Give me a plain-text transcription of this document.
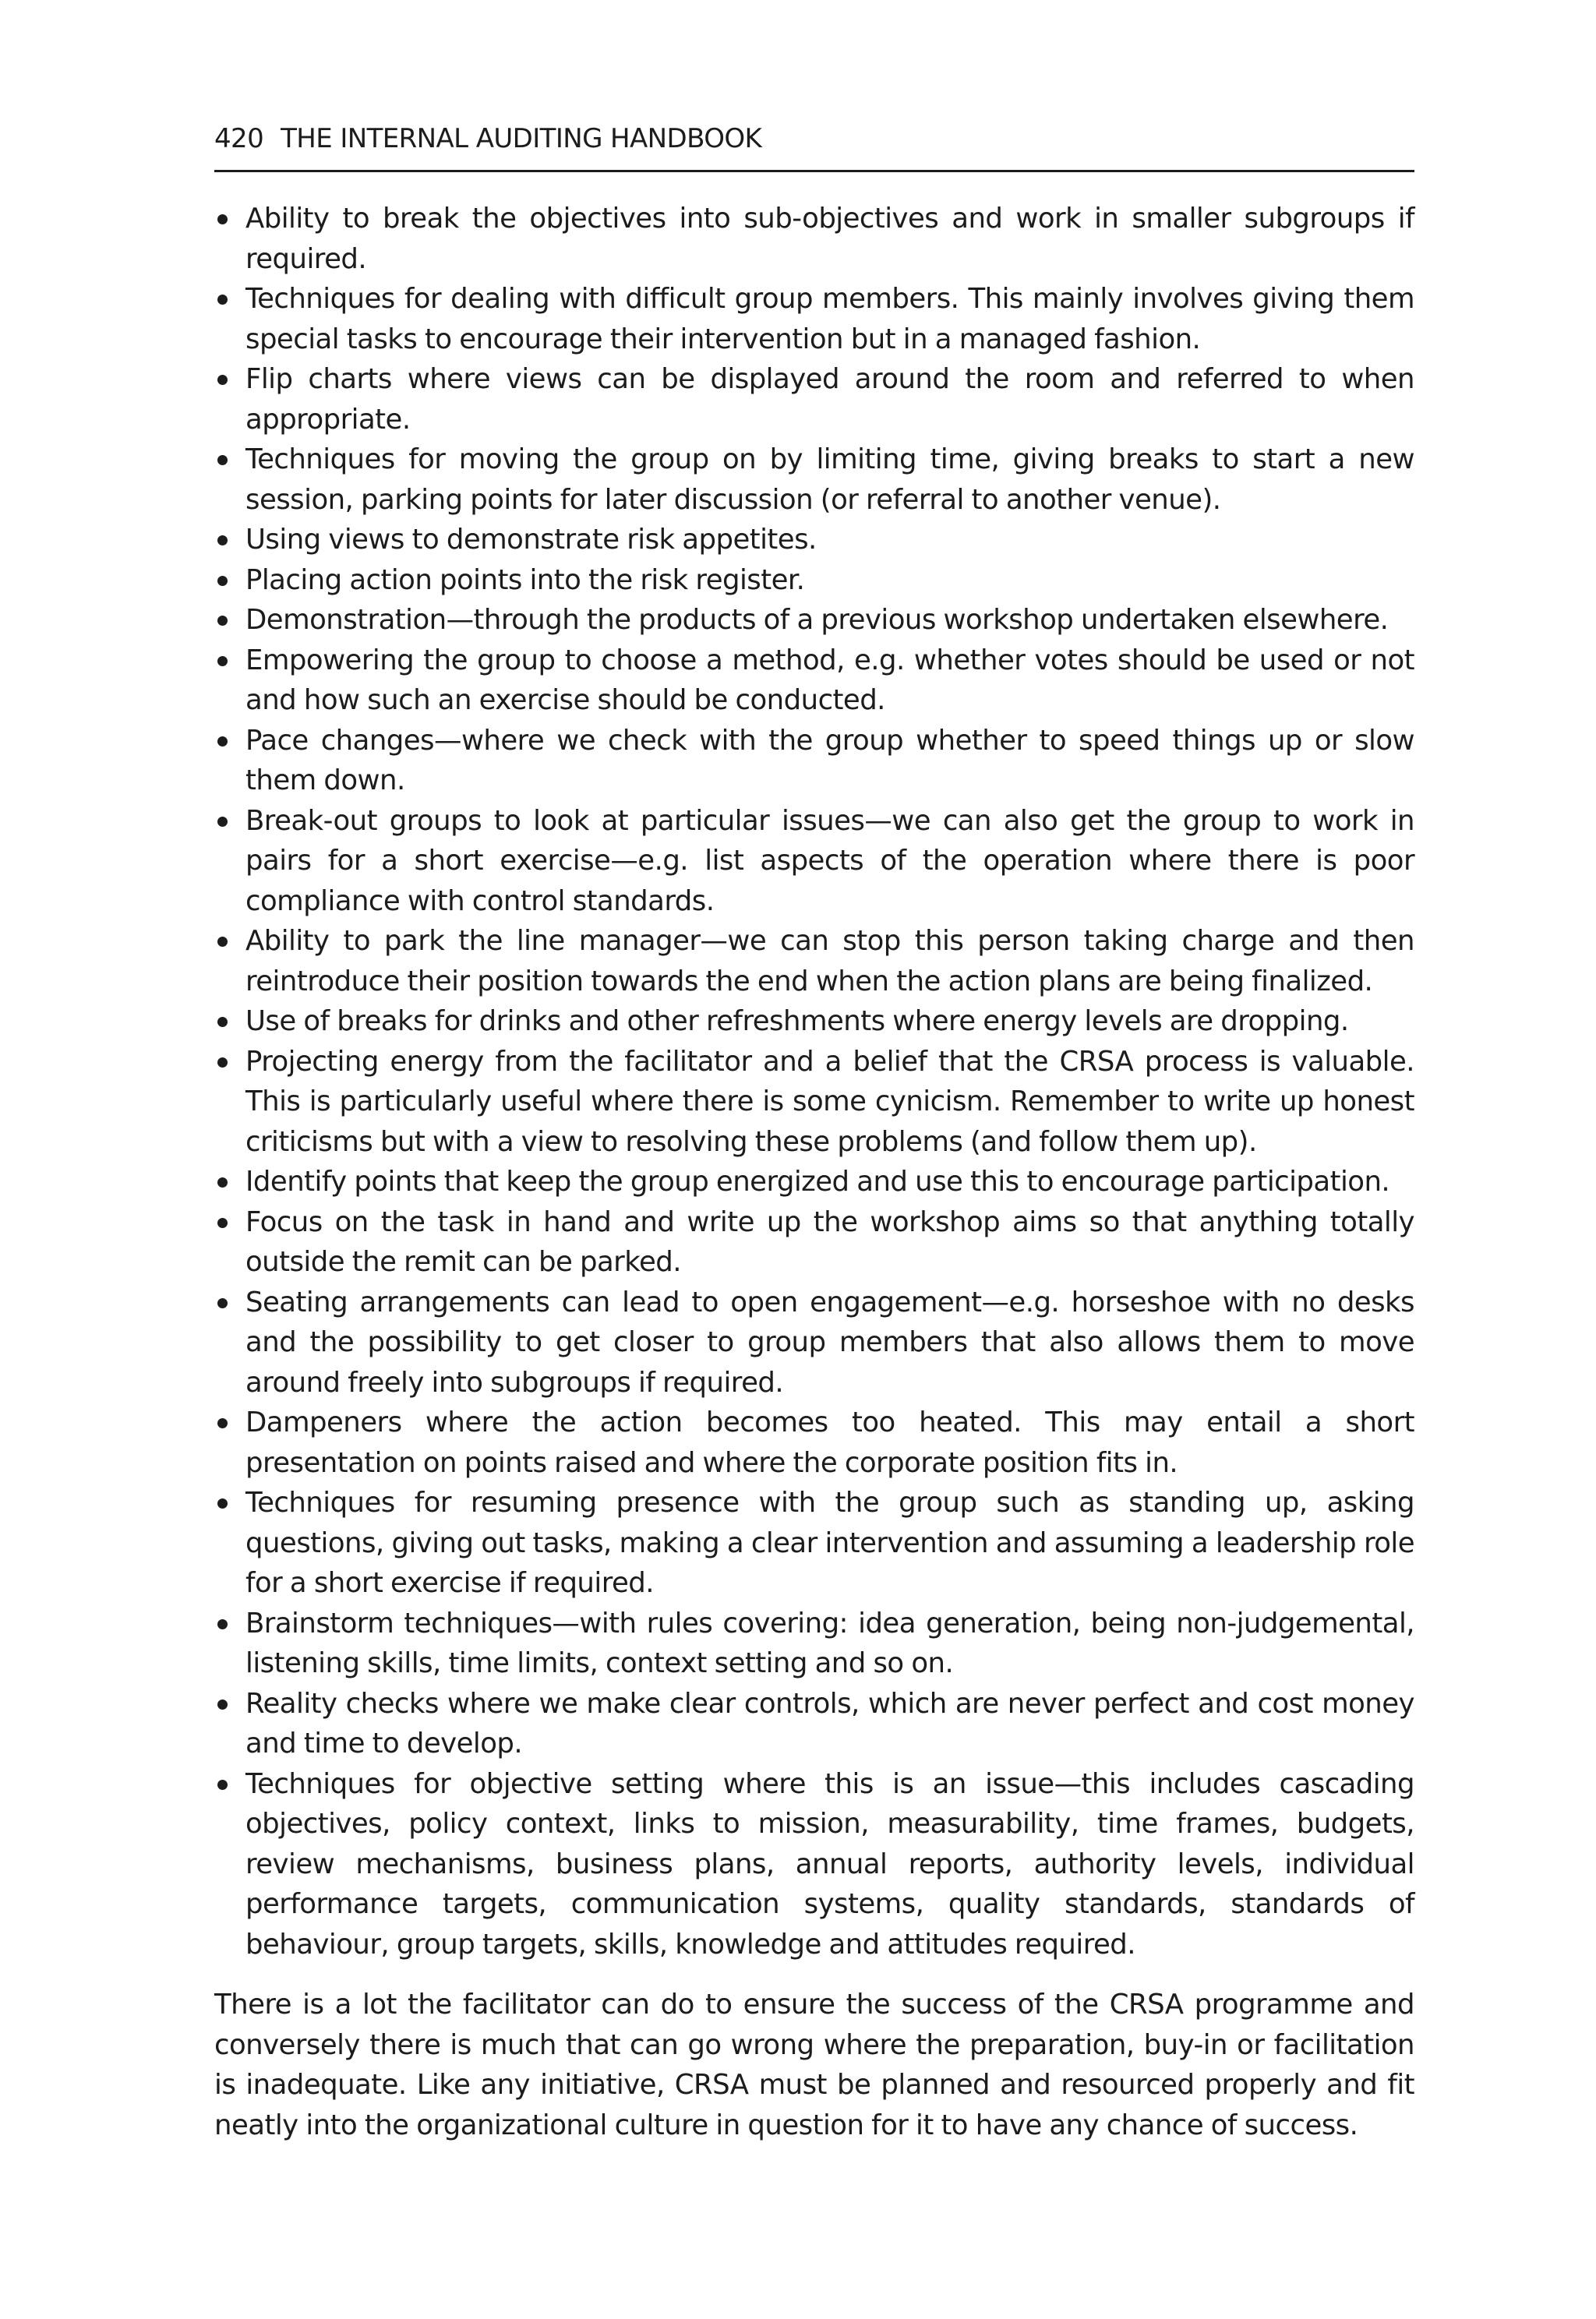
420 THE INTERNAL AUDITING HANDBOOK
Ability to break the objectives into sub-objectives and work in smaller subgroups if required.
Techniques for dealing with difficult group members. This mainly involves giving them special tasks to encourage their intervention but in a managed fashion.
Flip charts where views can be displayed around the room and referred to when appropriate.
Techniques for moving the group on by limiting time, giving breaks to start a new session, parking points for later discussion (or referral to another venue).
Using views to demonstrate risk appetites.
Placing action points into the risk register.
Demonstration—through the products of a previous workshop undertaken elsewhere.
Empowering the group to choose a method, e.g. whether votes should be used or not and how such an exercise should be conducted.
Pace changes—where we check with the group whether to speed things up or slow them down.
Break-out groups to look at particular issues—we can also get the group to work in pairs for a short exercise—e.g. list aspects of the operation where there is poor compliance with control standards.
Ability to park the line manager—we can stop this person taking charge and then reintroduce their position towards the end when the action plans are being finalized.
Use of breaks for drinks and other refreshments where energy levels are dropping.
Projecting energy from the facilitator and a belief that the CRSA process is valuable. This is particularly useful where there is some cynicism. Remember to write up honest criticisms but with a view to resolving these problems (and follow them up).
Identify points that keep the group energized and use this to encourage participation.
Focus on the task in hand and write up the workshop aims so that anything totally outside the remit can be parked.
Seating arrangements can lead to open engagement—e.g. horseshoe with no desks and the possibility to get closer to group members that also allows them to move around freely into subgroups if required.
Dampeners where the action becomes too heated. This may entail a short presentation on points raised and where the corporate position fits in.
Techniques for resuming presence with the group such as standing up, asking questions, giving out tasks, making a clear intervention and assuming a leadership role for a short exercise if required.
Brainstorm techniques—with rules covering: idea generation, being non-judgemental, listening skills, time limits, context setting and so on.
Reality checks where we make clear controls, which are never perfect and cost money and time to develop.
Techniques for objective setting where this is an issue—this includes cascading objectives, policy context, links to mission, measurability, time frames, budgets, review mechanisms, business plans, annual reports, authority levels, individual performance targets, communication systems, quality standards, standards of behaviour, group targets, skills, knowledge and attitudes required.

There is a lot the facilitator can do to ensure the success of the CRSA programme and conversely there is much that can go wrong where the preparation, buy-in or facilitation is inadequate. Like any initiative, CRSA must be planned and resourced properly and fit neatly into the organizational culture in question for it to have any chance of success.
